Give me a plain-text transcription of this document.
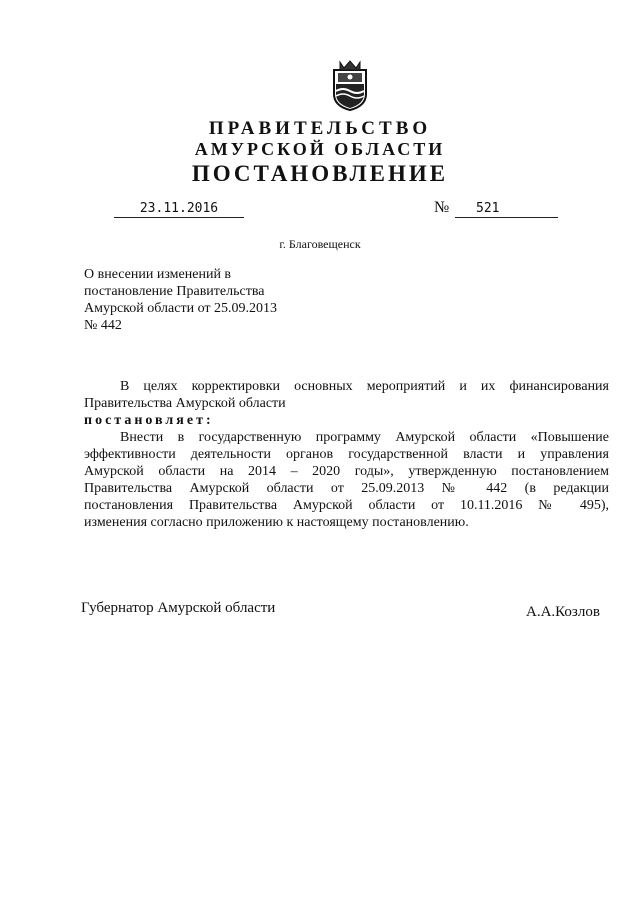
ПРАВИТЕЛЬСТВО
АМУРСКОЙ ОБЛАСТИ
ПОСТАНОВЛЕНИЕ
23.11.2016	№ 521
г. Благовещенск
О внесении изменений в
постановление Правительства
Амурской области от 25.09.2013
№ 442
В целях корректировки основных мероприятий и их финансирования
Правительства Амурской области
постановляет:
Внести в государственную программу Амурской области «Повышение
эффективности деятельности органов государственной власти и управления
Амурской области на 2014 – 2020 годы», утвержденную постановлением
Правительства Амурской области от 25.09.2013 № 442 (в редакции
постановления Правительства Амурской области от 10.11.2016 № 495),
изменения согласно приложению к настоящему постановлению.
Губернатор Амурской области	А.А.Козлов
